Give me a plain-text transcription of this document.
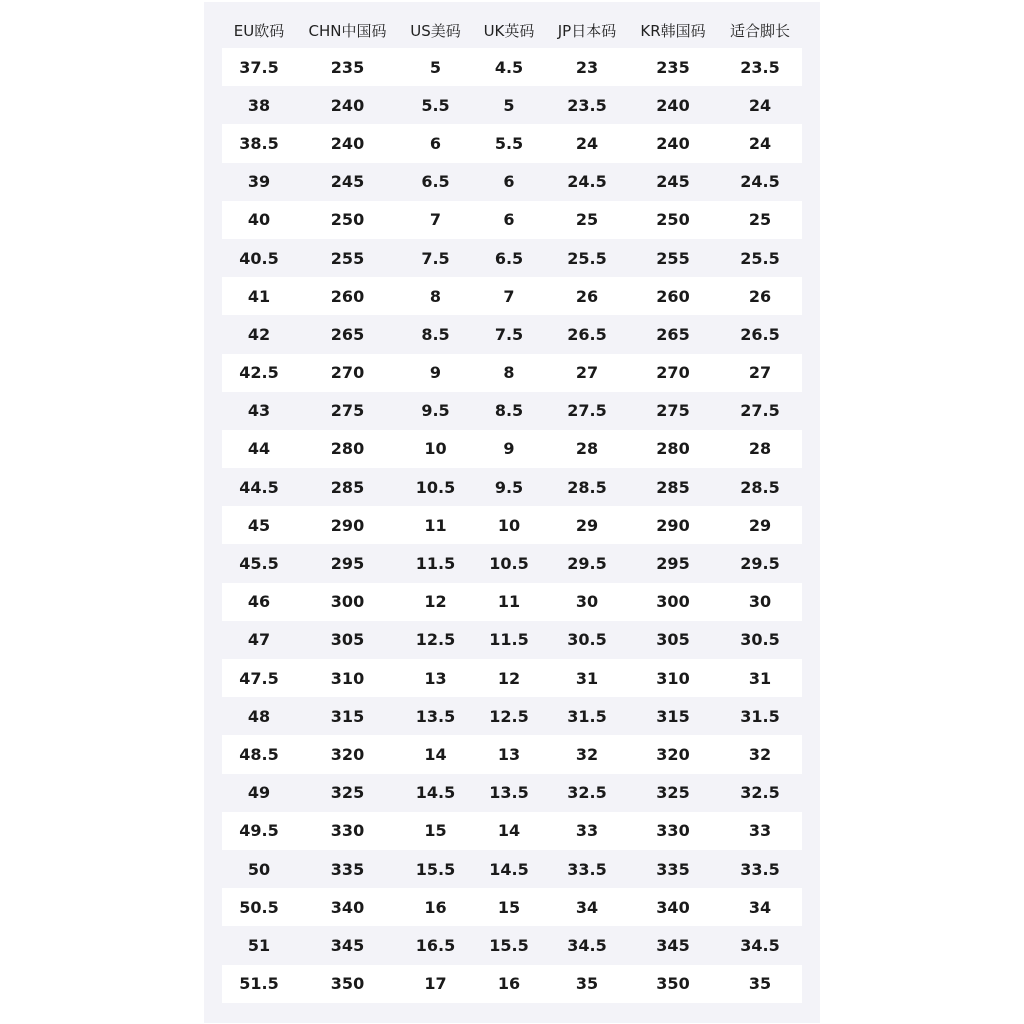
EU欧码	CHN中国码	US美码	UK英码	JP日本码	KR韩国码	适合脚长
37.5	235	5	4.5	23	235	23.5
38	240	5.5	5	23.5	240	24
38.5	240	6	5.5	24	240	24
39	245	6.5	6	24.5	245	24.5
40	250	7	6	25	250	25
40.5	255	7.5	6.5	25.5	255	25.5
41	260	8	7	26	260	26
42	265	8.5	7.5	26.5	265	26.5
42.5	270	9	8	27	270	27
43	275	9.5	8.5	27.5	275	27.5
44	280	10	9	28	280	28
44.5	285	10.5	9.5	28.5	285	28.5
45	290	11	10	29	290	29
45.5	295	11.5	10.5	29.5	295	29.5
46	300	12	11	30	300	30
47	305	12.5	11.5	30.5	305	30.5
47.5	310	13	12	31	310	31
48	315	13.5	12.5	31.5	315	31.5
48.5	320	14	13	32	320	32
49	325	14.5	13.5	32.5	325	32.5
49.5	330	15	14	33	330	33
50	335	15.5	14.5	33.5	335	33.5
50.5	340	16	15	34	340	34
51	345	16.5	15.5	34.5	345	34.5
51.5	350	17	16	35	350	35
